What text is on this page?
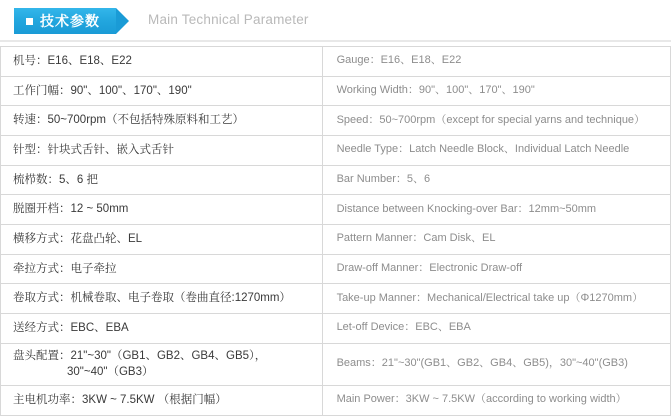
技术参数	Main Technical Parameter
机号：E16、E18、E22	Gauge：E16、E18、E22
工作门幅：90"、100"、170"、190"	Working Width：90"、100"、170"、190"
转速：50~700rpm（不包括特殊原料和工艺）	Speed：50~700rpm（except for special yarns and technique）
针型：针块式舌针、嵌入式舌针	Needle Type：Latch Needle Block、Individual Latch Needle
梳栉数：5、6 把	Bar Number：5、6
脱圈开档：12 ~ 50mm	Distance between Knocking-over Bar：12mm~50mm
横移方式：花盘凸轮、EL	Pattern Manner：Cam Disk、EL
牵拉方式：电子牵拉	Draw-off Manner：Electronic Draw-off
卷取方式：机械卷取、电子卷取（卷曲直径:1270mm）	Take-up Manner：Mechanical/Electrical take up（Φ1270mm）
送经方式：EBC、EBA	Let-off Device：EBC、EBA
盘头配置：21"~30"（GB1、GB2、GB4、GB5），
30"~40"（GB3）	Beams：21"~30"(GB1、GB2、GB4、GB5)，30"~40"(GB3)
主电机功率：3KW ~ 7.5KW （根据门幅）	Main Power：3KW ~ 7.5KW（according to working width）
